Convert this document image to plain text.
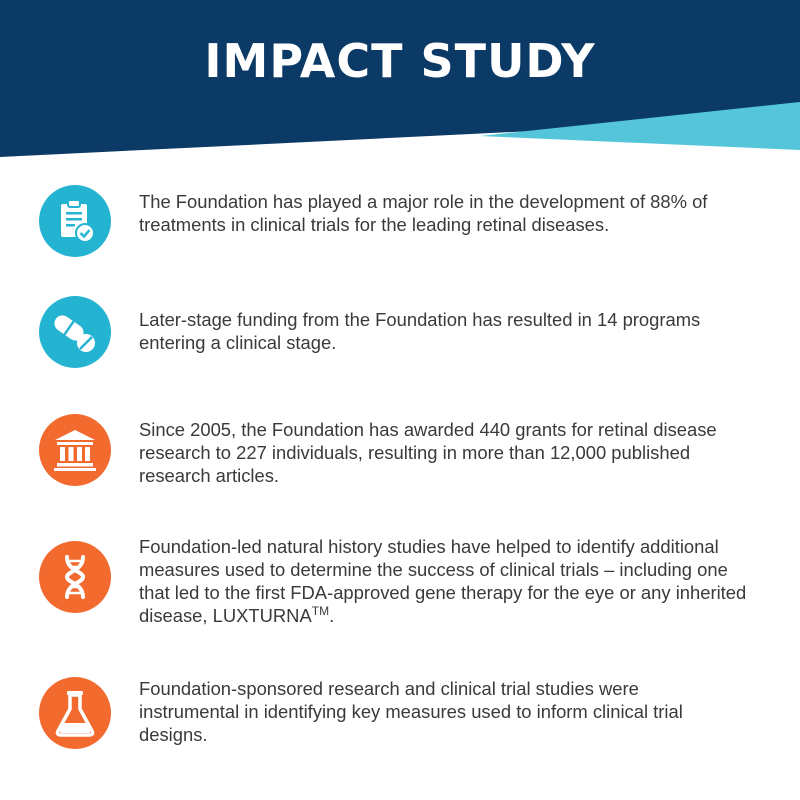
IMPACT STUDY

The Foundation has played a major role in the development of 88% of

treatments in clinical trials for the leading retinal diseases.

Later-stage funding from the Foundation has resulted in 14 programs

entering a clinical stage.

Since 2005, the Foundation has awarded 440 grants for retinal disease

research to 227 individuals, resulting in more than 12,000 published

research articles.

Foundation-led natural history studies have helped to identify additional

measures used to determine the success of clinical trials – including one

that led to the first FDA-approved gene therapy for the eye or any inherited

disease, LUXTURNA™.

Foundation-sponsored research and clinical trial studies were

instrumental in identifying key measures used to inform clinical trial

designs.
